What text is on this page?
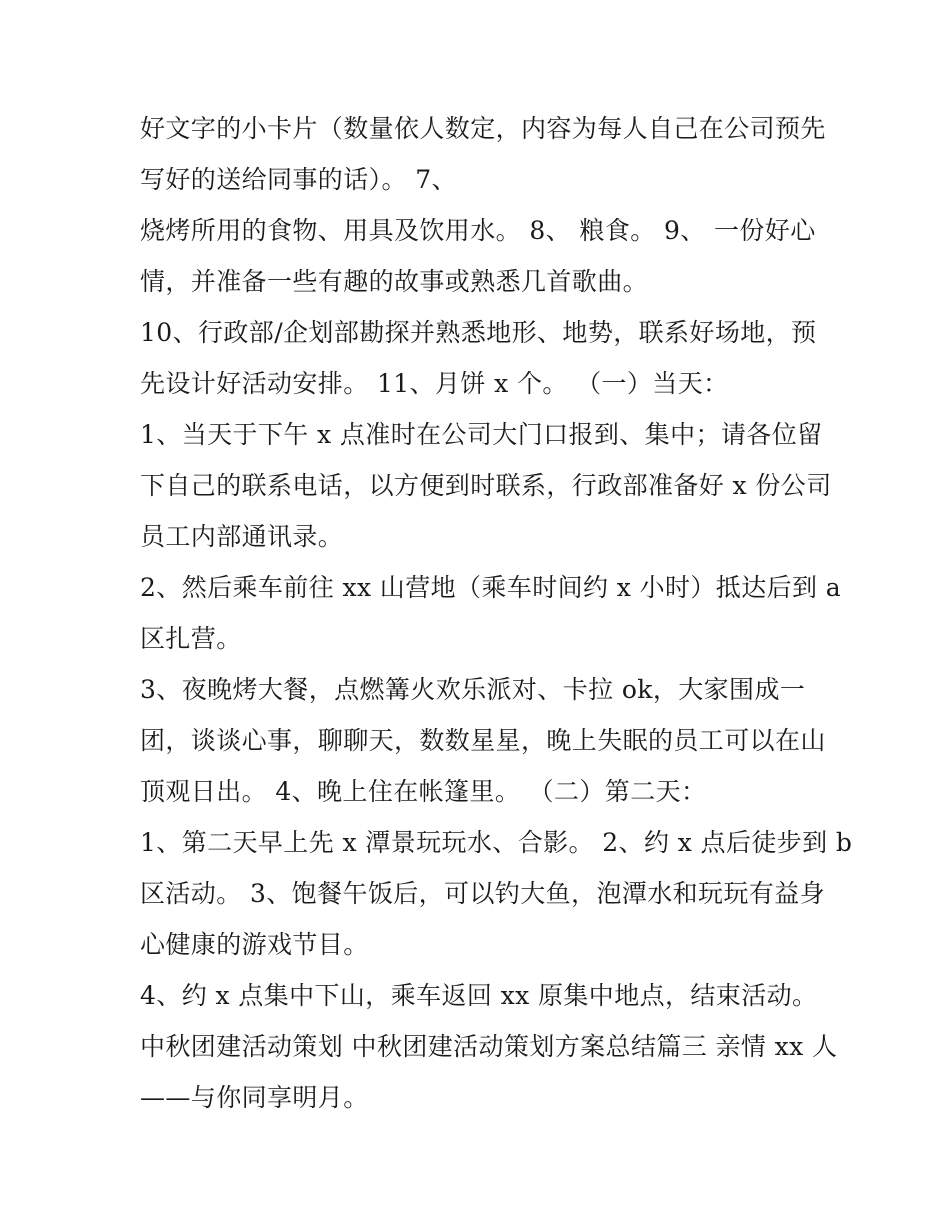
好文字的小卡片（数量依人数定，内容为每人自己在公司预先
写好的送给同事的话）。 7、
烧烤所用的食物、用具及饮用水。 8、 粮食。 9、 一份好心
情，并准备一些有趣的故事或熟悉几首歌曲。
10、行政部/企划部勘探并熟悉地形、地势，联系好场地，预
先设计好活动安排。 11、月饼 x 个。 （一）当天：
1、当天于下午 x 点准时在公司大门口报到、集中；请各位留
下自己的联系电话，以方便到时联系，行政部准备好 x 份公司
员工内部通讯录。
2、然后乘车前往 xx 山营地（乘车时间约 x 小时）抵达后到 a
区扎营。
3、夜晚烤大餐，点燃篝火欢乐派对、卡拉 ok，大家围成一
团，谈谈心事，聊聊天，数数星星，晚上失眠的员工可以在山
顶观日出。 4、晚上住在帐篷里。 （二）第二天：
1、第二天早上先 x 潭景玩玩水、合影。 2、约 x 点后徒步到 b
区活动。 3、饱餐午饭后，可以钓大鱼，泡潭水和玩玩有益身
心健康的游戏节目。
4、约 x 点集中下山，乘车返回 xx 原集中地点，结束活动。
中秋团建活动策划 中秋团建活动策划方案总结篇三 亲情 xx 人
——与你同享明月。
